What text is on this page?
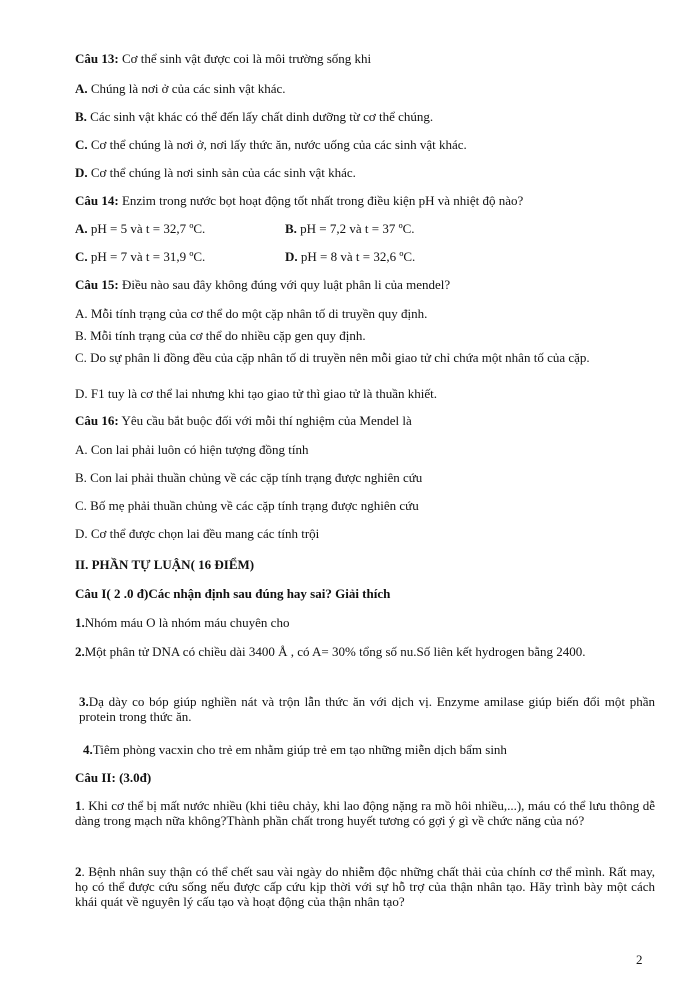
Câu 13: Cơ thể sinh vật được coi là môi trường sống khi
A. Chúng là nơi ở của các sinh vật khác.
B. Các sinh vật khác có thể đến lấy chất dinh dưỡng từ cơ thể chúng.
C. Cơ thể chúng là nơi ở, nơi lấy thức ăn, nước uống của các sinh vật khác.
D. Cơ thể chúng là nơi sinh sản của các sinh vật khác.
Câu 14: Enzim trong nước bọt hoạt động tốt nhất trong điều kiện pH và nhiệt độ nào?
A. pH = 5 và t = 32,7 ºC.	B. pH = 7,2 và t = 37 ºC.
C. pH = 7 và t = 31,9 ºC.	D. pH = 8 và t = 32,6 ºC.
Câu 15: Điều nào sau đây không đúng với quy luật phân li của mendel?
A. Mỗi tính trạng của cơ thể do một cặp nhân tố di truyền quy định.
B. Mỗi tính trạng của cơ thể do nhiều cặp gen quy định.
C. Do sự phân li đồng đều của cặp nhân tố di truyền nên mỗi giao tử chỉ chứa một nhân tố của cặp.
D. F1 tuy là cơ thể lai nhưng khi tạo giao tử thì giao tử là thuần khiết.
Câu 16: Yêu cầu bắt buộc đối với mỗi thí nghiệm của Mendel là
A. Con lai phải luôn có hiện tượng đồng tính
B. Con lai phải thuần chủng về các cặp tính trạng được nghiên cứu
C. Bố mẹ phải thuần chủng về các cặp tính trạng được nghiên cứu
D. Cơ thể được chọn lai đều mang các tính trội
II. PHẦN TỰ LUẬN( 16 ĐIỂM)
Câu I( 2 .0 đ)Các nhận định sau đúng hay sai? Giải thích
1.Nhóm máu O là nhóm máu chuyên cho
2.Một phân tử DNA có chiều dài 3400 Å , có A= 30% tổng số nu.Số liên kết hydrogen bằng 2400.
3.Dạ dày co bóp giúp nghiền nát và trộn lẫn thức ăn với dịch vị. Enzyme amilase giúp biến đổi một phần protein trong thức ăn.
4.Tiêm phòng vacxin cho trẻ em nhằm giúp trẻ em tạo những miễn dịch bẩm sinh
Câu II: (3.0đ)
1. Khi cơ thể bị mất nước nhiều (khi tiêu chảy, khi lao động nặng ra mồ hôi nhiều,...), máu có thể lưu thông dễ dàng trong mạch nữa không?Thành phần chất trong huyết tương có gợi ý gì về chức năng của nó?
2. Bệnh nhân suy thận có thể chết sau vài ngày do nhiễm độc những chất thải của chính cơ thể mình. Rất may, họ có thể được cứu sống nếu được cấp cứu kịp thời với sự hỗ trợ của thận nhân tạo. Hãy trình bày một cách khái quát về nguyên lý cấu tạo và hoạt động của thận nhân tạo?
2
